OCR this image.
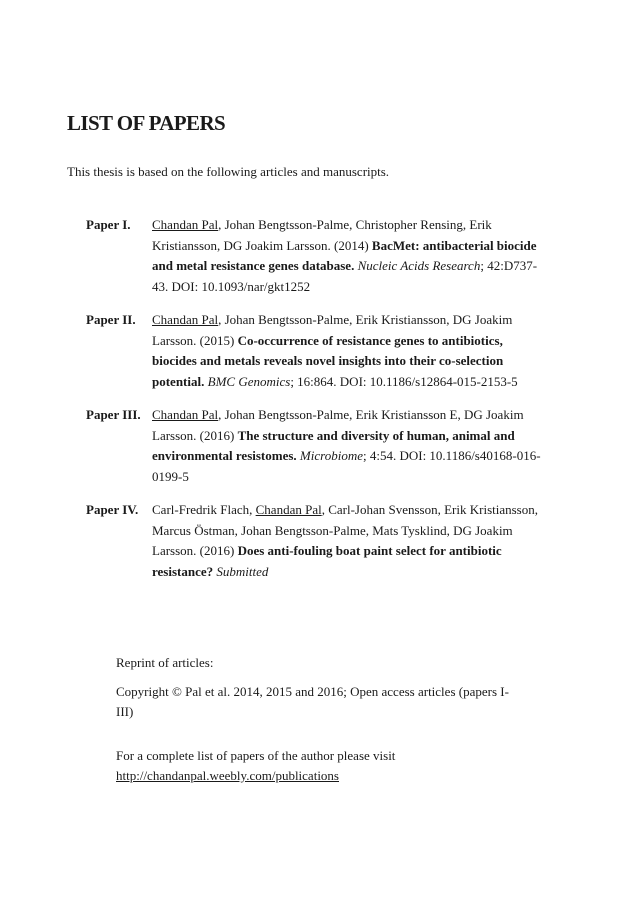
LIST OF PAPERS

This thesis is based on the following articles and manuscripts.

Paper I.	Chandan Pal, Johan Bengtsson-Palme, Christopher Rensing, Erik Kristiansson, DG Joakim Larsson. (2014) BacMet: antibacterial biocide and metal resistance genes database. Nucleic Acids Research; 42:D737-43. DOI: 10.1093/nar/gkt1252
Paper II.	Chandan Pal, Johan Bengtsson-Palme, Erik Kristiansson, DG Joakim Larsson. (2015) Co-occurrence of resistance genes to antibiotics, biocides and metals reveals novel insights into their co-selection potential. BMC Genomics; 16:864. DOI: 10.1186/s12864-015-2153-5
Paper III. Chandan Pal, Johan Bengtsson-Palme, Erik Kristiansson E, DG Joakim Larsson. (2016) The structure and diversity of human, animal and environmental resistomes. Microbiome; 4:54. DOI: 10.1186/s40168-016-0199-5
Paper IV.	Carl-Fredrik Flach, Chandan Pal, Carl-Johan Svensson, Erik Kristiansson, Marcus Östman, Johan Bengtsson-Palme, Mats Tysklind, DG Joakim Larsson. (2016) Does anti-fouling boat paint select for antibiotic resistance? Submitted

Reprint of articles:

Copyright © Pal et al. 2014, 2015 and 2016; Open access articles (papers I-III)

For a complete list of papers of the author please visit

http://chandanpal.weebly.com/publications
